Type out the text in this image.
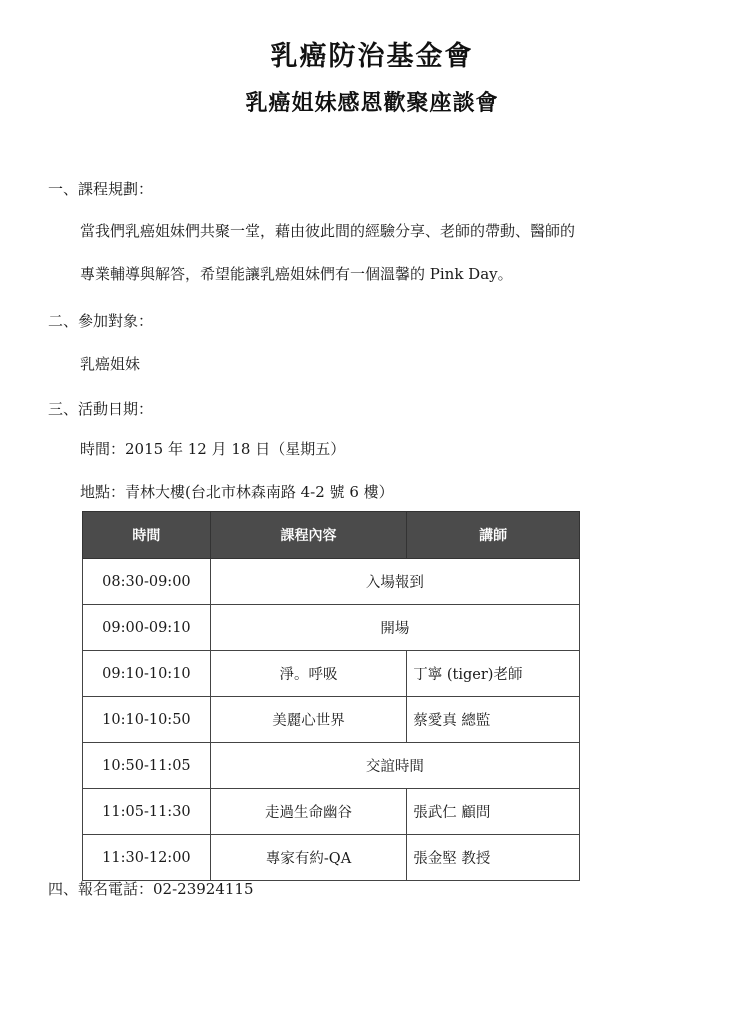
乳癌防治基金會
乳癌姐妹感恩歡聚座談會
一、課程規劃：
當我們乳癌姐妹們共聚一堂，藉由彼此間的經驗分享、老師的帶動、醫師的
專業輔導與解答，希望能讓乳癌姐妹們有一個溫馨的 Pink Day。
二、參加對象：
乳癌姐妹
三、活動日期：
時間：2015 年 12 月 18 日（星期五）
地點：青林大樓(台北市林森南路 4-2 號 6 樓）
時間	課程內容	講師
08:30-09:00	入場報到	
09:00-09:10	開場	
09:10-10:10	淨。呼吸	丁寧 (tiger)老師
10:10-10:50	美麗心世界	蔡愛真 總監
10:50-11:05	交誼時間	
11:05-11:30	走過生命幽谷	張武仁 顧問
11:30-12:00	專家有約-QA	張金堅 教授
四、報名電話：02-23924115
